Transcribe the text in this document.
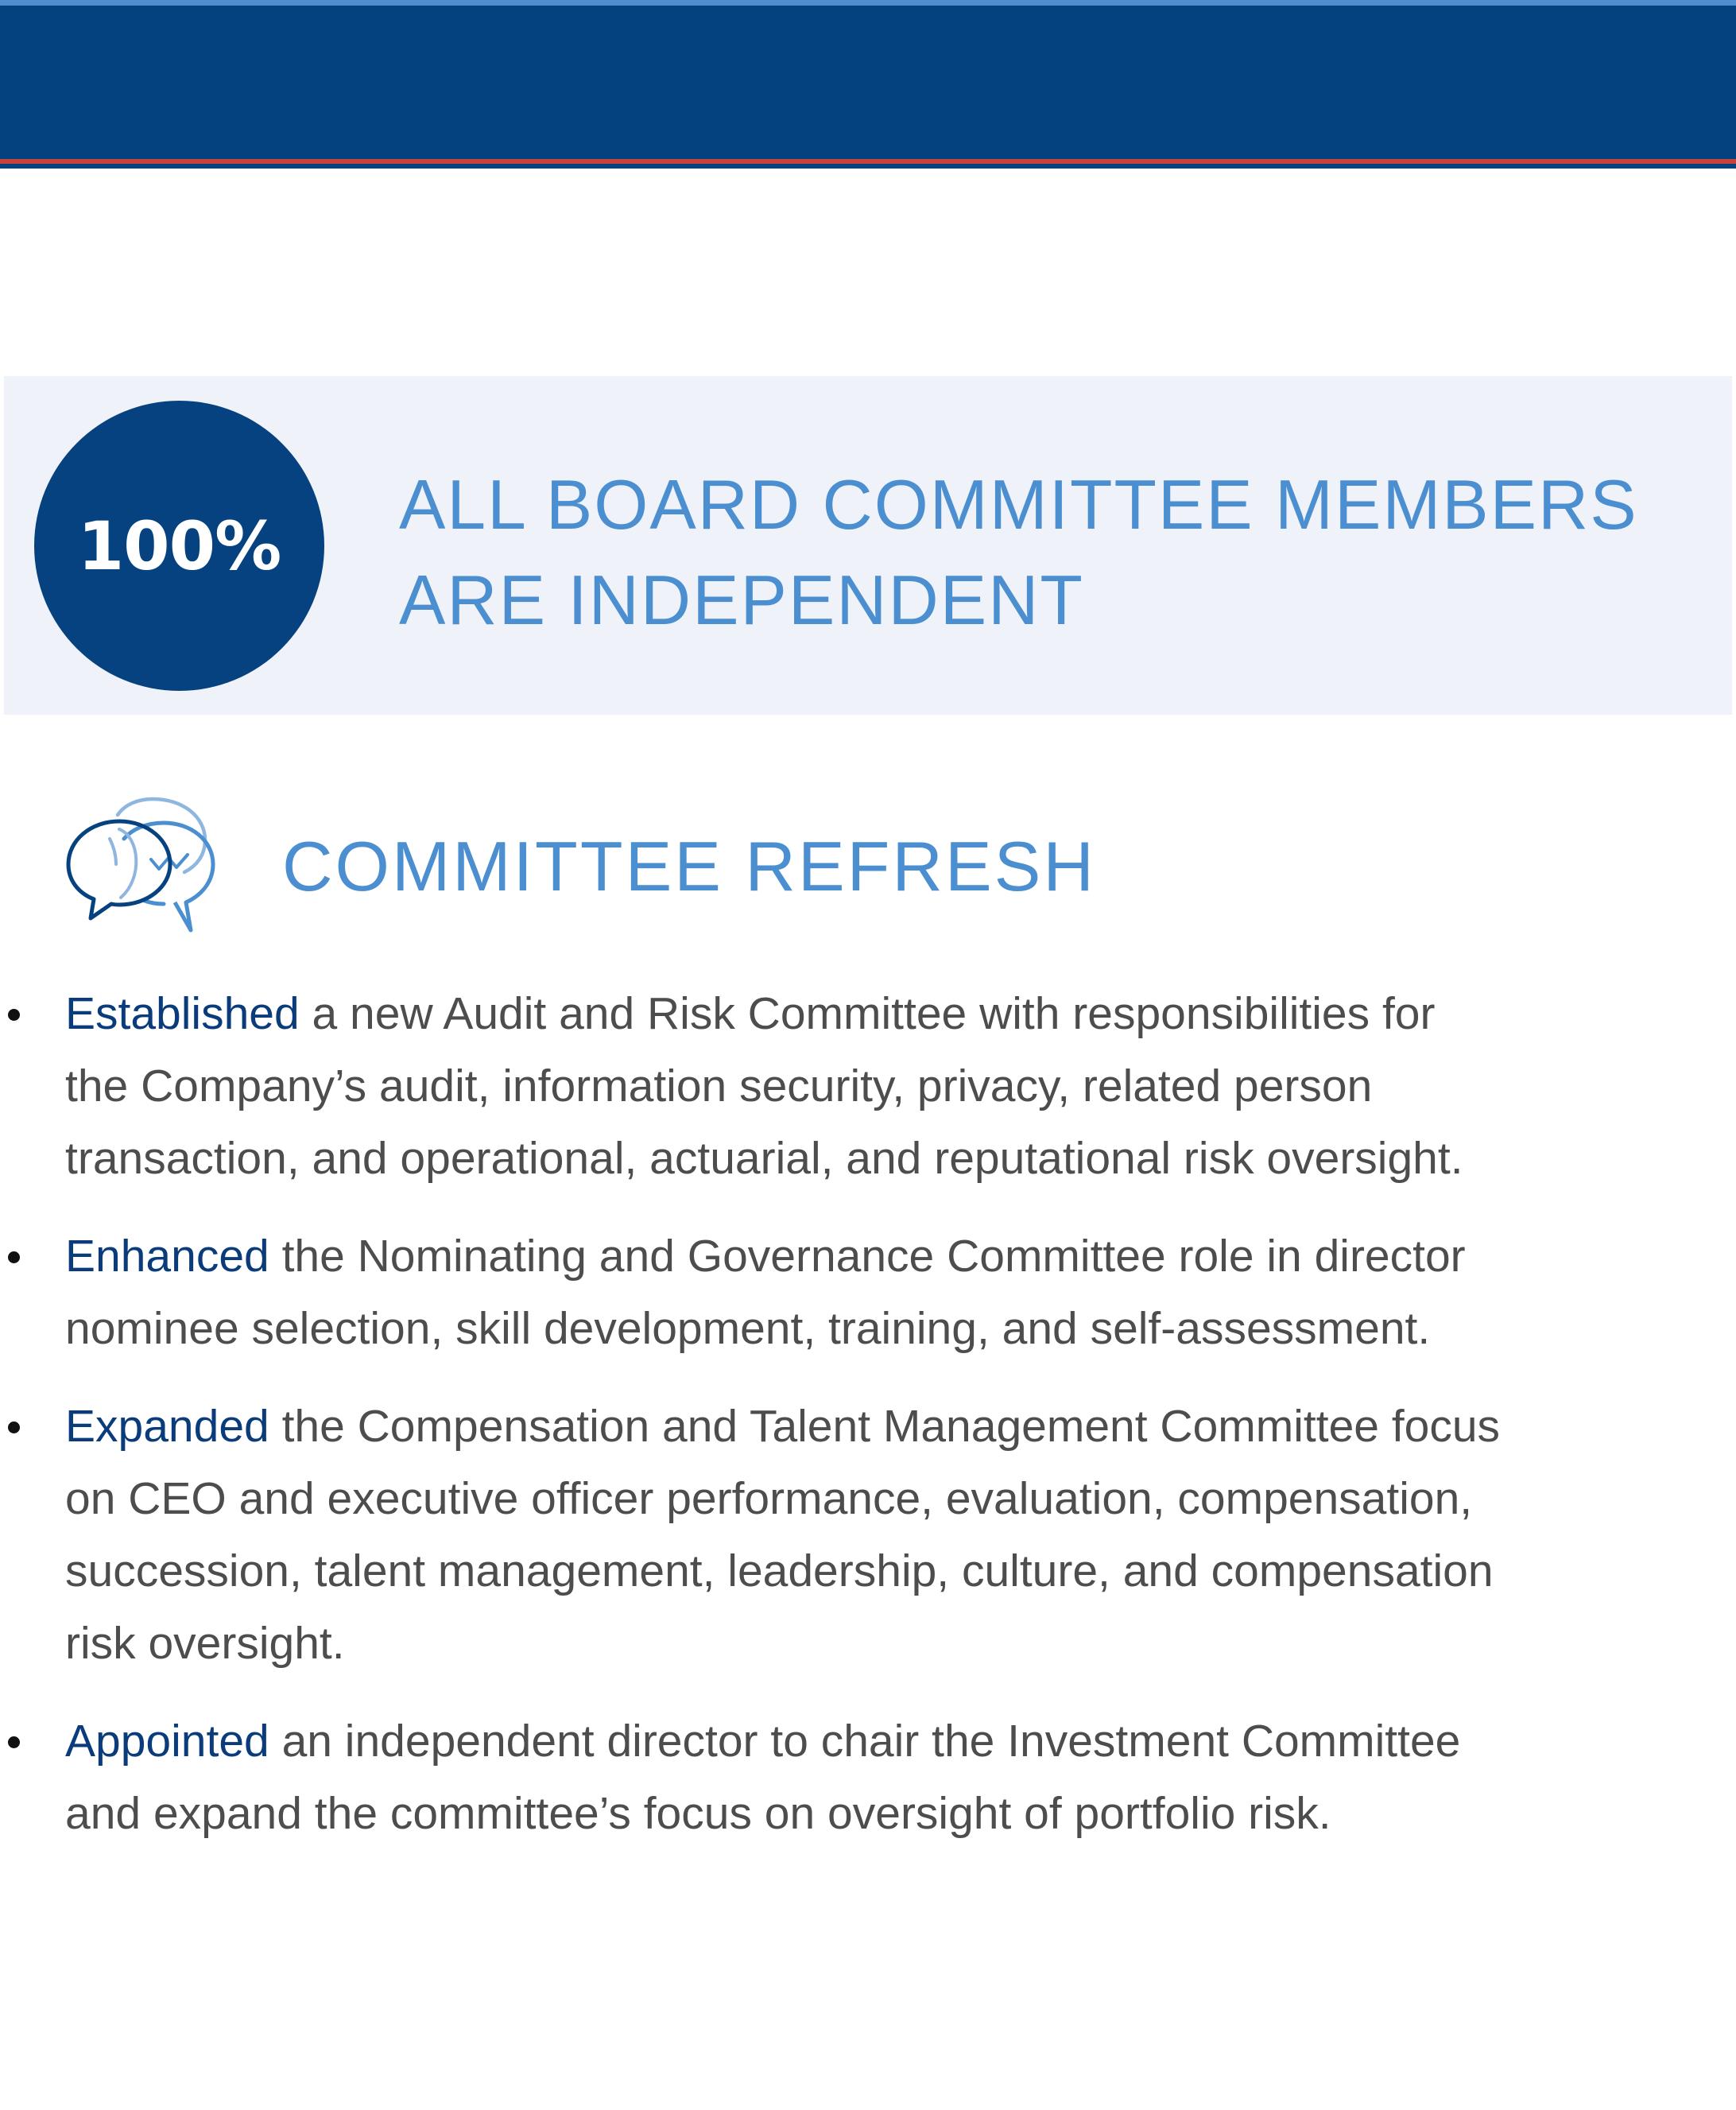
100%
ALL BOARD COMMITTEE MEMBERS
ARE INDEPENDENT
COMMITTEE REFRESH
Established a new Audit and Risk Committee with responsibilities for
the Company’s audit, information security, privacy, related person
transaction, and operational, actuarial, and reputational risk oversight.
Enhanced the Nominating and Governance Committee role in director
nominee selection, skill development, training, and self-assessment.
Expanded the Compensation and Talent Management Committee focus
on CEO and executive officer performance, evaluation, compensation,
succession, talent management, leadership, culture, and compensation
risk oversight.
Appointed an independent director to chair the Investment Committee
and expand the committee’s focus on oversight of portfolio risk.
